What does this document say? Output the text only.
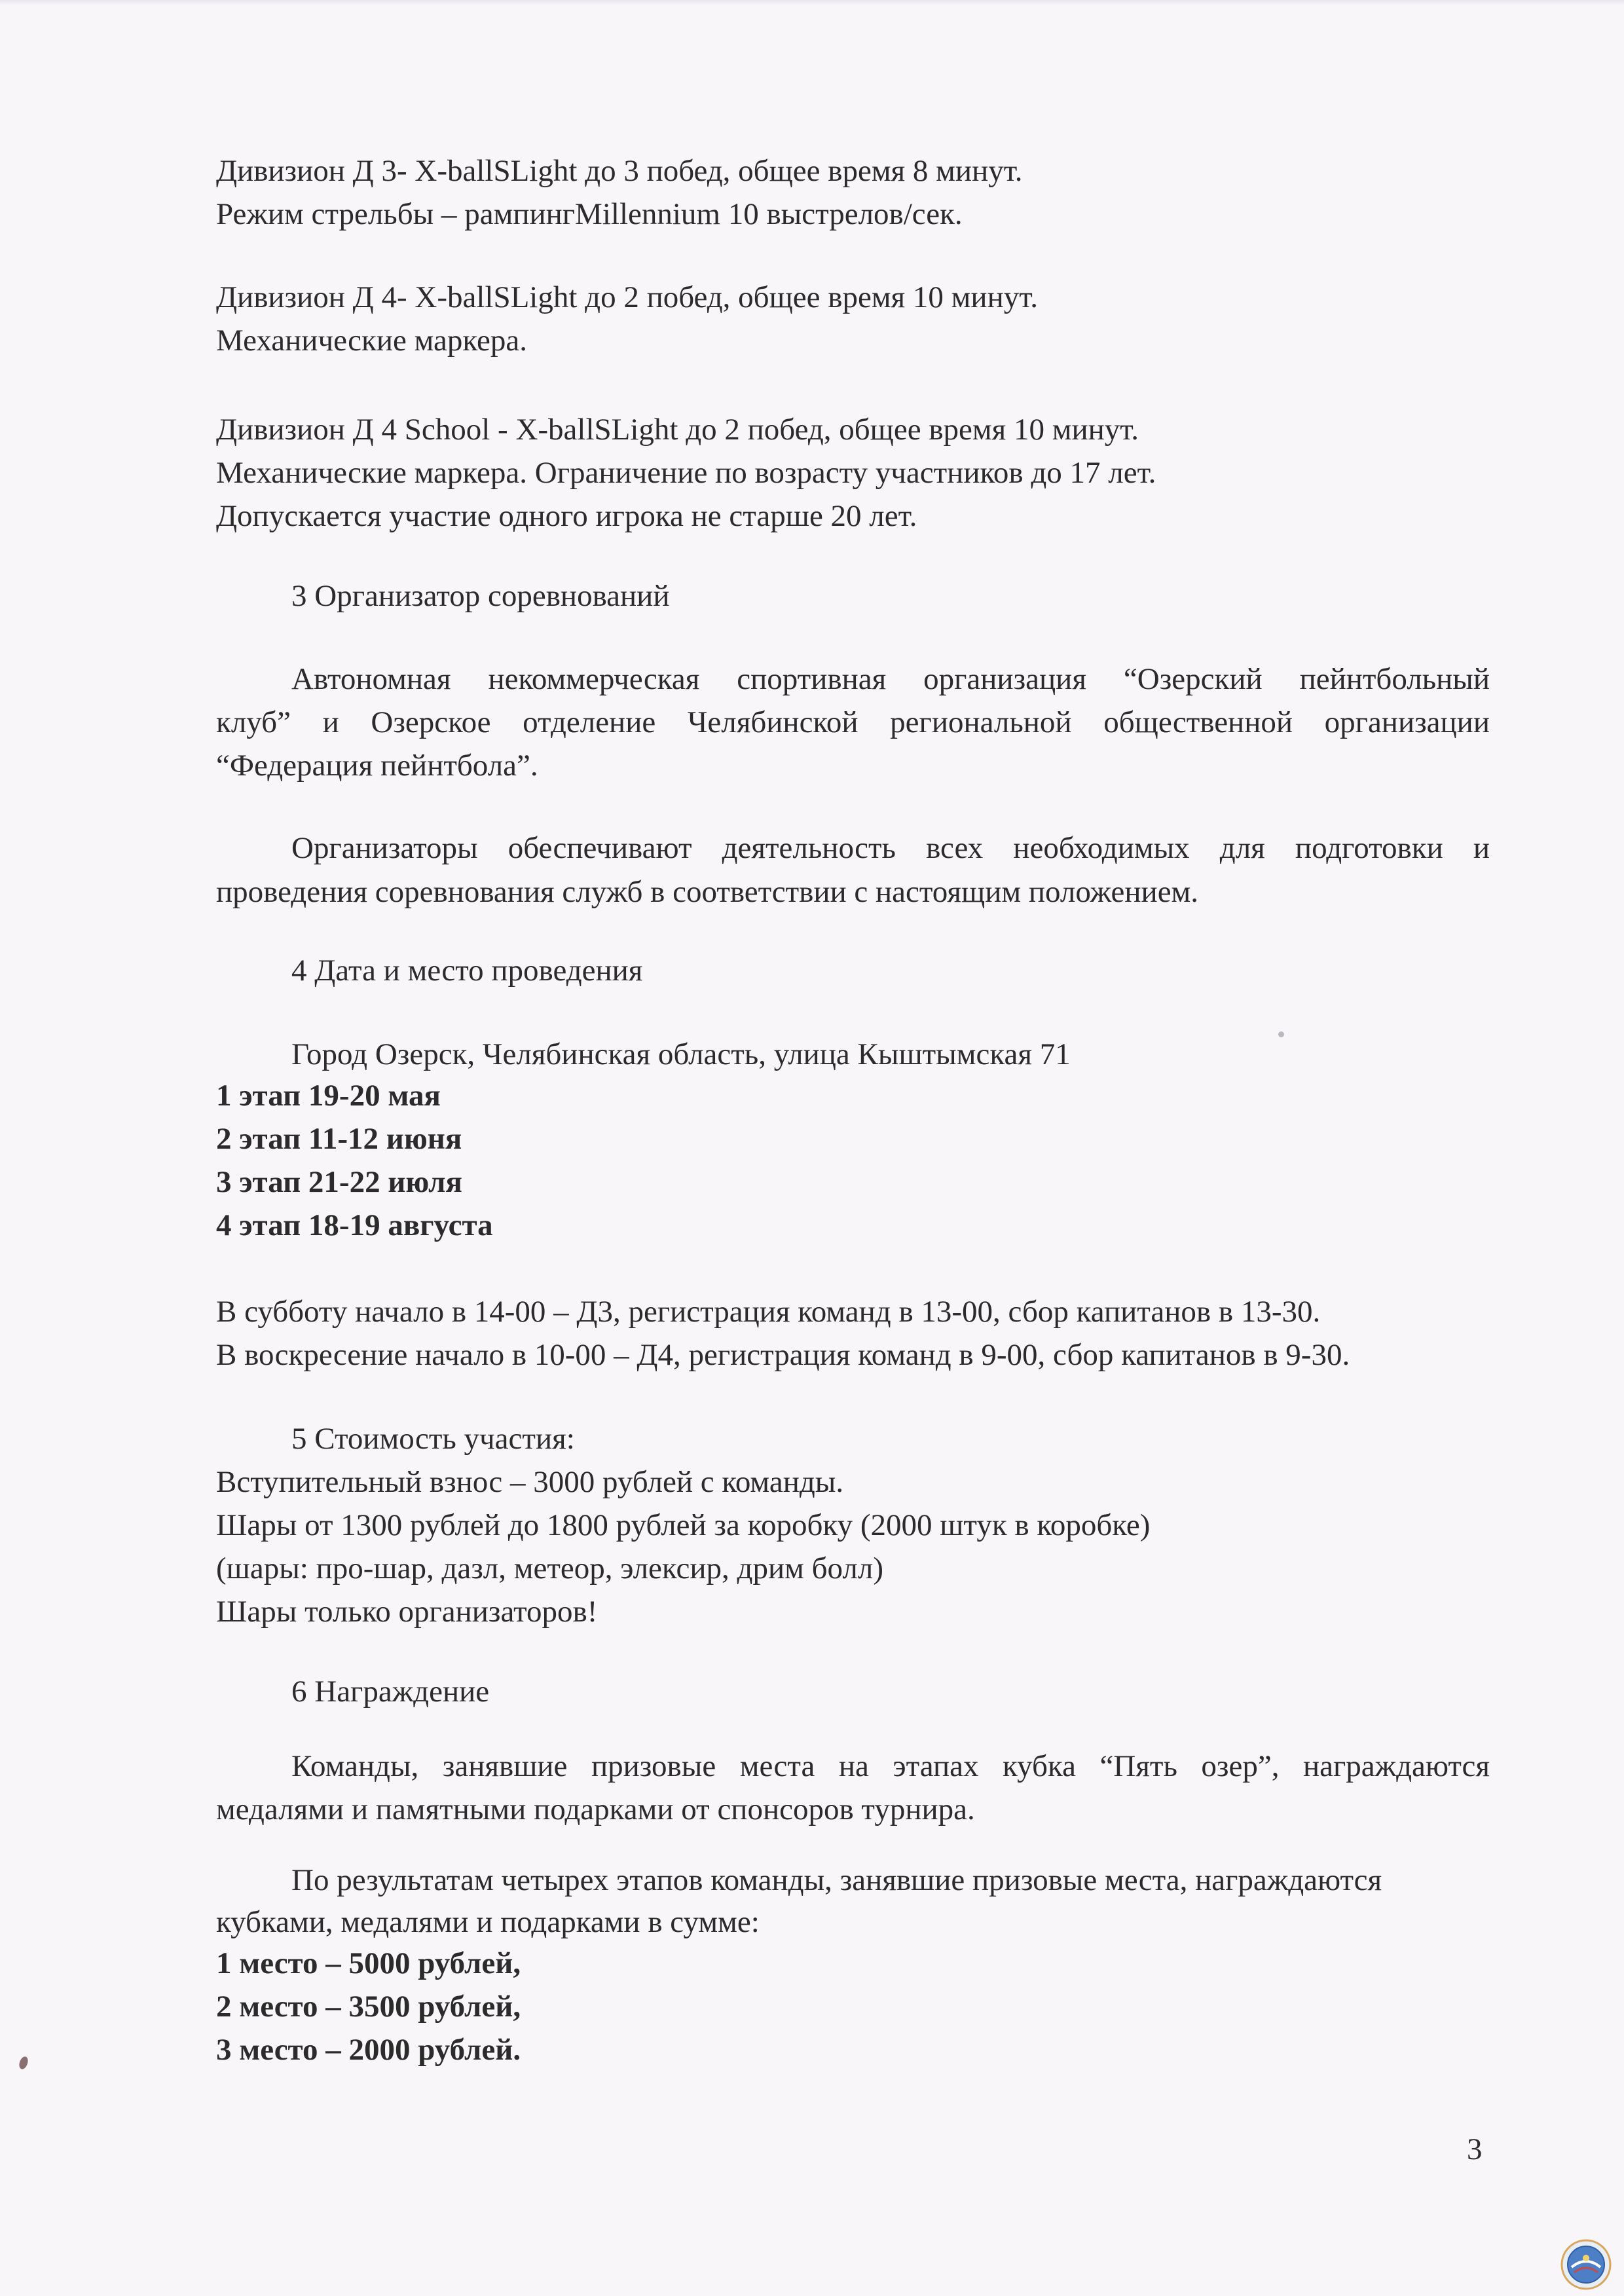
Дивизион Д 3- X-ballSLight до 3 побед, общее время 8 минут.
Режим стрельбы – рампингMillennium 10 выстрелов/сек.
Дивизион Д 4- X-ballSLight до 2 побед, общее время 10 минут.
Механические маркера.
Дивизион Д 4 School - X-ballSLight до 2 побед, общее время 10 минут.
Механические маркера. Ограничение по возрасту участников до 17 лет.
Допускается участие одного игрока не старше 20 лет.
3 Организатор соревнований
Автономная некоммерческая спортивная организация “Озерский пейнтбольный
клуб” и Озерское отделение Челябинской региональной общественной организации
“Федерация пейнтбола”.
Организаторы обеспечивают деятельность всех необходимых для подготовки и
проведения соревнования служб в соответствии с настоящим положением.
4 Дата и место проведения
Город Озерск, Челябинская область, улица Кыштымская 71
1 этап 19-20 мая
2 этап 11-12 июня
3 этап 21-22 июля
4 этап 18-19 августа
В субботу начало в 14-00 – Д3, регистрация команд в 13-00, сбор капитанов в 13-30.
В воскресение начало в 10-00 – Д4, регистрация команд в 9-00, сбор капитанов в 9-30.
5 Стоимость участия:
Вступительный взнос – 3000 рублей с команды.
Шары от 1300 рублей до 1800 рублей за коробку (2000 штук в коробке)
(шары: про-шар, дазл, метеор, элексир, дрим болл)
Шары только организаторов!
6 Награждение
Команды, занявшие призовые места на этапах кубка “Пять озер”, награждаются
медалями и памятными подарками от спонсоров турнира.
По результатам четырех этапов команды, занявшие призовые места, награждаются
кубками, медалями и подарками в сумме:
1 место – 5000 рублей,
2 место – 3500 рублей,
3 место – 2000 рублей.
3
